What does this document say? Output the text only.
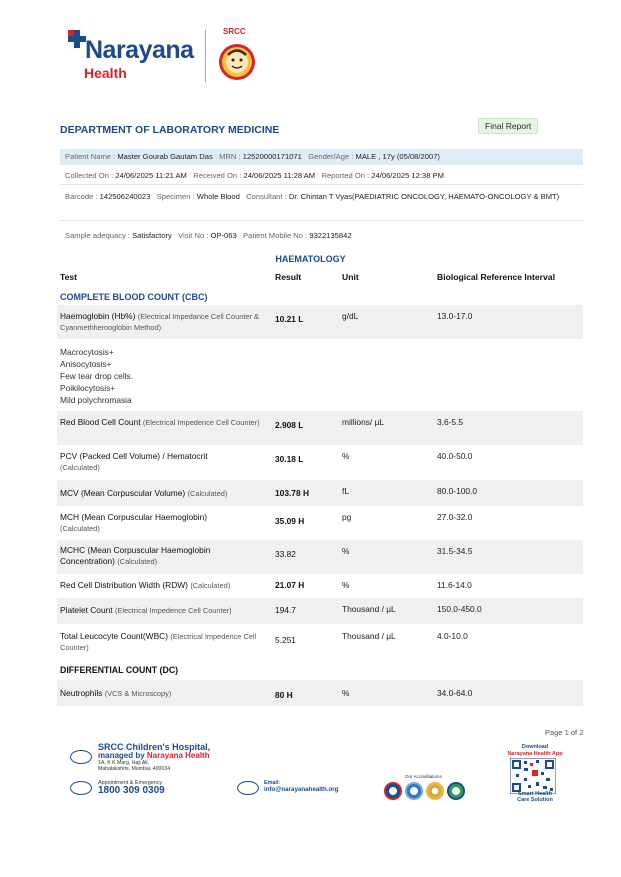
Narayana
Health
SRCC
DEPARTMENT OF LABORATORY MEDICINE	Final Report
Patient Name : Master Gourab Gautam Das MRN : 12520000171071 Gender/Age : MALE , 17y (05/08/2007)
Collected On : 24/06/2025 11:21 AM Received On : 24/06/2025 11:28 AM Reported On : 24/06/2025 12:38 PM
Barcode : 142506240023 Specimen : Whole Blood Consultant : Dr. Chintan T Vyas(PAEDIATRIC ONCOLOGY, HAEMATO-ONCOLOGY & BMT)
Sample adequacy : Satisfactory Visit No : OP-063 Patient Mobile No : 9322135842
HAEMATOLOGY
Test	Result	Unit	Biological Reference Interval
COMPLETE BLOOD COUNT (CBC)
Haemoglobin (Hb%) (Electrical Impedance Cell Counter & Cyanmethhemoglobin Method)
10.21 L	g/dL	13.0-17.0
Macrocytosis+
Anisocytosis+
Few tear drop cells.
Poikilocytosis+
Mild polychromasia
Red Blood Cell Count (Electrical Impedence Cell Counter)	2.908 L	millions/ µL	3.6-5.5
PCV (Packed Cell Volume) / Hematocrit
(Calculated)
30.18 L	%	40.0-50.0
MCV (Mean Corpuscular Volume) (Calculated)	103.78 H	fL	80.0-100.0
MCH (Mean Corpuscular Haemoglobin)
(Calculated)
35.09 H	pg	27.0-32.0
MCHC (Mean Corpuscular Haemoglobin Concentration) (Calculated)
33.82	%	31.5-34.5
Red Cell Distribution Width (RDW) (Calculated)	21.07 H	%	11.6-14.0
Platelet Count (Electrical Impedence Cell Counter)	194.7	Thousand / µL	150.0-450.0
Total Leucocyte Count(WBC) (Electrical Impedence Cell Counter)
5.251	Thousand / µL	4.0-10.0
DIFFERENTIAL COUNT (DC)
Neutrophils (VCS & Microscopy)	80 H	%	34.0-64.0
Page 1 of 2
SRCC Children's Hospital,
managed by Narayana Health
1A, K K Marg, Haji Ali,
Mahalakshmi, Mumbai, 400034
Appointment & Emergency
1800 309 0309
Email:
info@narayanahealth.org
Our Accreditations
Download
Narayana Health App
Smart Health
Care Solution
